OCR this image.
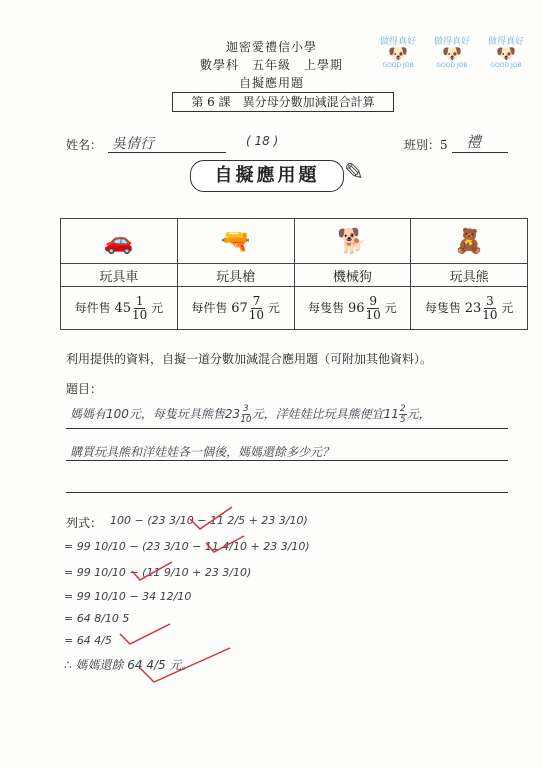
迦密愛禮信小學
數學科　五年級　上學期
自擬應用題
第 6 課　異分母分數加減混合計算
做得真好
🐶
GOOD JOB
做得真好
🐶
GOOD JOB
做得真好
🐶
GOOD JOB
姓名： 吳倩行	( 18 )	班別：5 禮
自擬應用題	✎
🚗	🔫	🐕	🧸
玩具車	玩具槍	機械狗	玩具熊
每件售 $45 \frac{1}{10}$ 元	每件售 $67 \frac{7}{10}$ 元	每隻售 $96 \frac{9}{10}$ 元	每隻售 $23 \frac{3}{10}$ 元
利用提供的資料，自擬一道分數加減混合應用題（可附加其他資料）。
題目：
媽媽有100元，每隻玩具熊售$23 \frac{3}{10}$ 元，洋娃娃比玩具熊便宜$11 \frac{2}{5}$ 元，
購買玩具熊和洋娃娃各一個後，媽媽還餘多少元？
列式： 100 − (23 3/10 − 11 2/5 + 23 3/10)
= 99 10/10 − (23 3/10 − 11 4/10 + 23 3/10)
= 99 10/10 − (11 9/10 + 23 3/10)
= 99 10/10 − 34 12/10
= 64 8/10 5
= 64 4/5
∴ 媽媽還餘 64 4/5 元。
